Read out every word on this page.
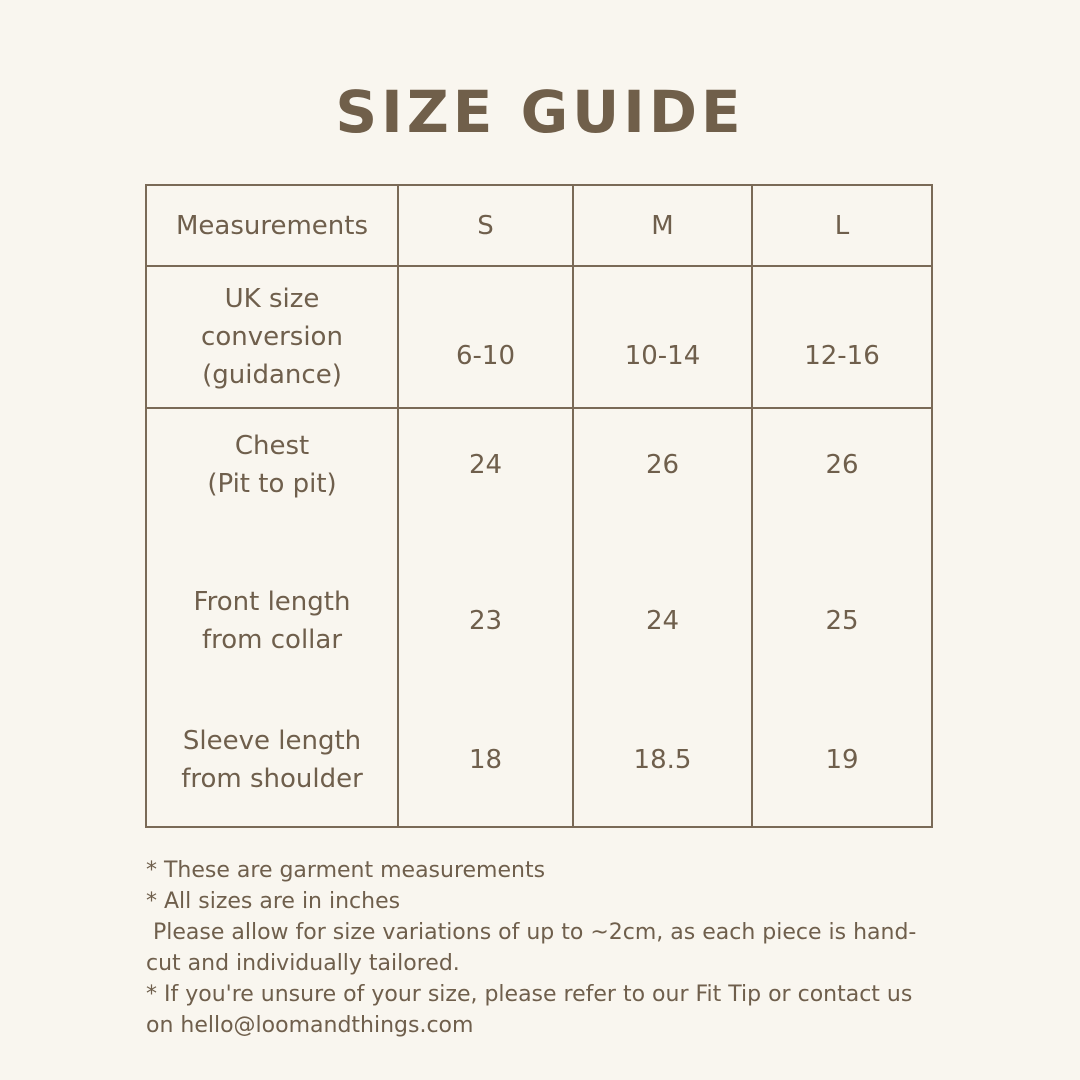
SIZE GUIDE
Measurements	S	M	L

UK size
conversion
(guidance)	6-10	10-14	12-16

Chest
(Pit to pit)	24	26	26

Front length
from collar	23	24	25

Sleeve length
from shoulder	18	18.5	19
* These are garment measurements
* All sizes are in inches
Please allow for size variations of up to ~2cm, as each piece is hand-
cut and individually tailored.
* If you're unsure of your size, please refer to our Fit Tip or contact us
on hello@loomandthings.com
